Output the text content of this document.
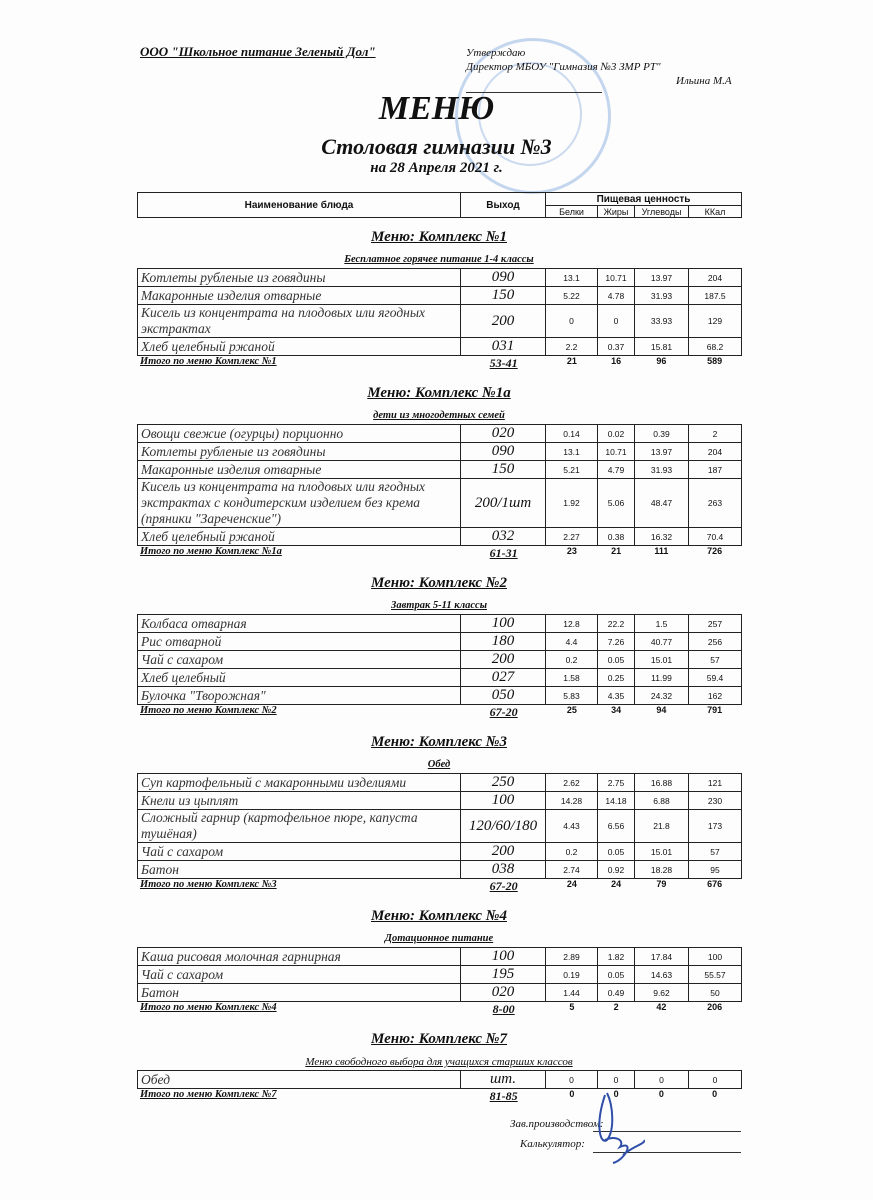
ООО "Школьное питание Зеленый Дол"	Утверждаю
Директор МБОУ "Гимназия №3 ЗМР РТ"
Ильина М.А
МЕНЮ
Столовая гимназии №3
на 28 Апреля 2021 г.
Наименование блюда	Выход	Пищевая ценность			
		Белки	Жиры	Углеводы	ККал
Меню: Комплекс №1
Бесплатное горячее питание 1-4 классы
Котлеты рубленые из говядины	090	13.1	10.71	13.97	204
Макаронные изделия отварные	150	5.22	4.78	31.93	187.5
Кисель из концентрата на плодовых или ягодных экстрактах	200	0	0	33.93	129
Хлеб целебный ржаной	031	2.2	0.37	15.81	68.2
Итого по меню Комплекс №1	53-41	21	16	96	589
Меню: Комплекс №1а
дети из многодетных семей
Овощи свежие (огурцы) порционно	020	0.14	0.02	0.39	2
Котлеты рубленые из говядины	090	13.1	10.71	13.97	204
Макаронные изделия отварные	150	5.21	4.79	31.93	187
Кисель из концентрата на плодовых или ягодных экстрактах с кондитерским изделием без крема (пряники "Зареченские")	200/1шт	1.92	5.06	48.47	263
Хлеб целебный ржаной	032	2.27	0.38	16.32	70.4
Итого по меню Комплекс №1а	61-31	23	21	111	726
Меню: Комплекс №2
Завтрак 5-11 классы
Колбаса отварная	100	12.8	22.2	1.5	257
Рис отварной	180	4.4	7.26	40.77	256
Чай с сахаром	200	0.2	0.05	15.01	57
Хлеб целебный	027	1.58	0.25	11.99	59.4
Булочка "Творожная"	050	5.83	4.35	24.32	162
Итого по меню Комплекс №2	67-20	25	34	94	791
Меню: Комплекс №3
Обед
Суп картофельный с макаронными изделиями	250	2.62	2.75	16.88	121
Кнели из цыплят	100	14.28	14.18	6.88	230
Сложный гарнир (картофельное пюре, капуста тушёная)	120/60/180	4.43	6.56	21.8	173
Чай с сахаром	200	0.2	0.05	15.01	57
Батон	038	2.74	0.92	18.28	95
Итого по меню Комплекс №3	67-20	24	24	79	676
Меню: Комплекс №4
Дотационное питание
Каша рисовая молочная гарнирная	100	2.89	1.82	17.84	100
Чай с сахаром	195	0.19	0.05	14.63	55.57
Батон	020	1.44	0.49	9.62	50
Итого по меню Комплекс №4	8-00	5	2	42	206
Меню: Комплекс №7
Меню свободного выбора для учащихся старших классов
Обед	шт.	0	0	0	0
Итого по меню Комплекс №7	81-85	0	0	0	0
Зав.производством:
Калькулятор:
